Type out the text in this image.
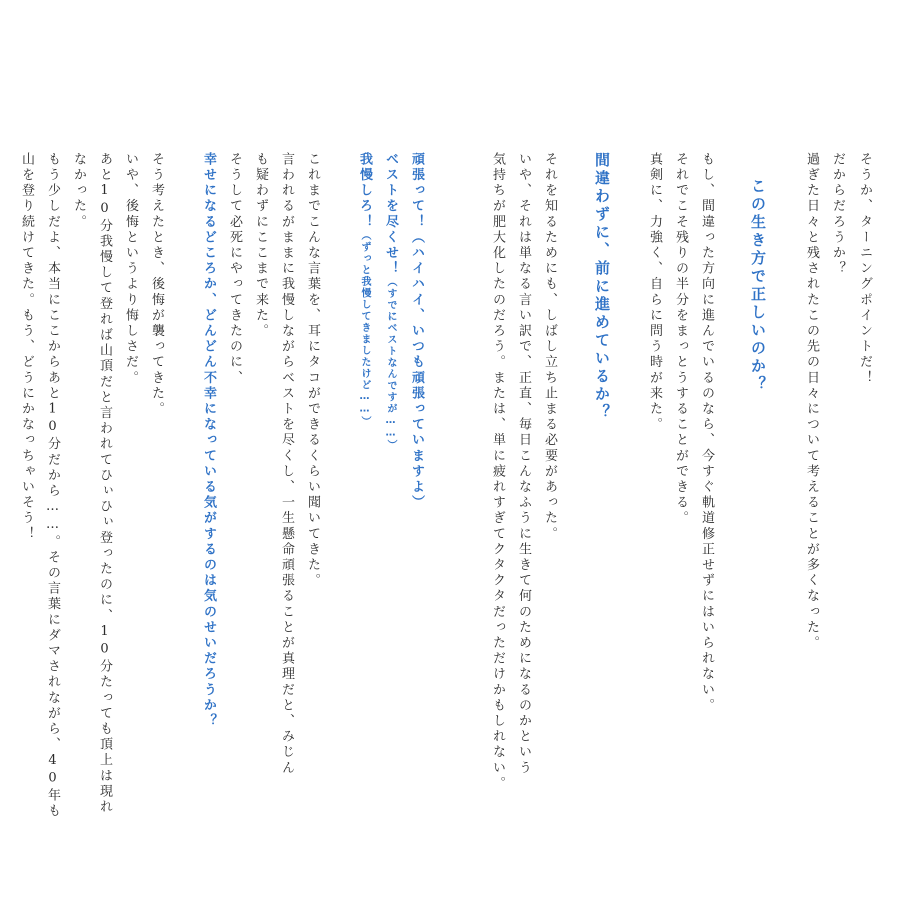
そうか、ターニングポイントだ！
だからだろうか？
過ぎた日々と残されたこの先の日々について考えることが多くなった。
この生き方で正しいのか？
もし、間違った方向に進んでいるのなら、今すぐ軌道修正せずにはいられない。
それでこそ残りの半分をまっとうすることができる。
真剣に、力強く、自らに問う時が来た。
間違わずに、前に進めているか？
それを知るためにも、しばし立ち止まる必要があった。
いや、それは単なる言い訳で、正直、毎日こんなふうに生きて何のためになるのかという
気持ちが肥大化したのだろう。または、単に疲れすぎてクタクタだっただけかもしれない。
頑張って！（ハイハイ、いつも頑張っていますよ）
ベストを尽くせ！（すでにベストなんですが……）
我慢しろ！（ずっと我慢してきましたけど……）
これまでこんな言葉を、耳にタコができるくらい聞いてきた。
言われるがままに我慢しながらベストを尽くし、一生懸命頑張ることが真理だと、みじん
も疑わずにここまで来た。
そうして必死にやってきたのに、
幸せになるどころか、どんどん不幸になっている気がするのは気のせいだろうか？
そう考えたとき、後悔が襲ってきた。
いや、後悔というより悔しさだ。
あと10分我慢して登れば山頂だと言われてひぃひぃ登ったのに、10分たっても頂上は現れ
なかった。
もう少しだよ、本当にここからあと10分だから……。その言葉にダマされながら、40年も
山を登り続けてきた。もう、どうにかなっちゃいそう！
